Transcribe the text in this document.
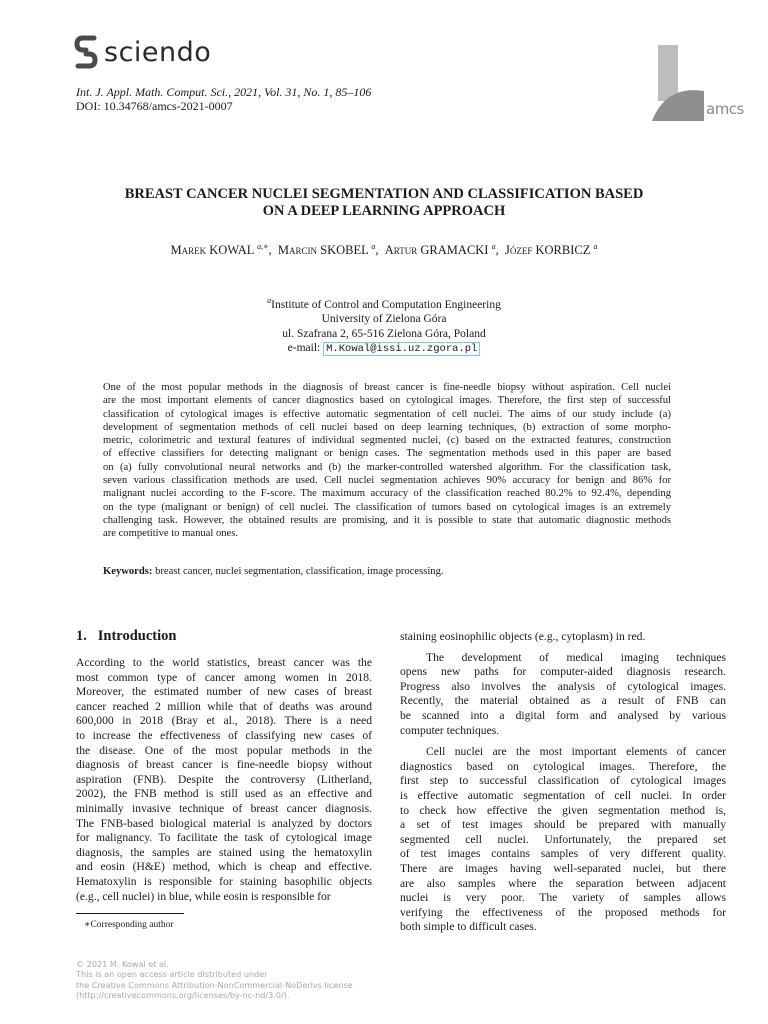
sciendo
Int. J. Appl. Math. Comput. Sci., 2021, Vol. 31, No. 1, 85–106
DOI: 10.34768/amcs-2021-0007	amcs
BREAST CANCER NUCLEI SEGMENTATION AND CLASSIFICATION BASED
ON A DEEP LEARNING APPROACH
Marek KOWAL $^{a,∗}$,  Marcin SKOBEL $^a$,  Artur GRAMACKI $^a$,  Józef KORBICZ $^a$
$^a$Institute of Control and Computation Engineering
University of Zielona Góra
ul. Szafrana 2, 65-516 Zielona Góra, Poland
e-mail: M.Kowal@issi.uz.zgora.pl
One of the most popular methods in the diagnosis of breast cancer is fine-needle biopsy without aspiration. Cell nuclei
are the most important elements of cancer diagnostics based on cytological images. Therefore, the first step of successful
classification of cytological images is effective automatic segmentation of cell nuclei. The aims of our study include (a)
development of segmentation methods of cell nuclei based on deep learning techniques, (b) extraction of some morpho-
metric, colorimetric and textural features of individual segmented nuclei, (c) based on the extracted features, construction
of effective classifiers for detecting malignant or benign cases. The segmentation methods used in this paper are based
on (a) fully convolutional neural networks and (b) the marker-controlled watershed algorithm. For the classification task,
seven various classification methods are used. Cell nuclei segmentation achieves 90% accuracy for benign and 86% for
malignant nuclei according to the F-score. The maximum accuracy of the classification reached 80.2% to 92.4%, depending
on the type (malignant or benign) of cell nuclei. The classification of tumors based on cytological images is an extremely
challenging task. However, the obtained results are promising, and it is possible to state that automatic diagnostic methods
are competitive to manual ones.
Keywords: breast cancer, nuclei segmentation, classification, image processing.
1.   Introduction
According to the world statistics, breast cancer was the
most common type of cancer among women in 2018.
Moreover, the estimated number of new cases of breast
cancer reached 2 million while that of deaths was around
600,000 in 2018 (Bray et al., 2018). There is a need
to increase the effectiveness of classifying new cases of
the disease. One of the most popular methods in the
diagnosis of breast cancer is fine-needle biopsy without
aspiration (FNB). Despite the controversy (Litherland,
2002), the FNB method is still used as an effective and
minimally invasive technique of breast cancer diagnosis.
The FNB-based biological material is analyzed by doctors
for malignancy. To facilitate the task of cytological image
diagnosis, the samples are stained using the hematoxylin
and eosin (H&E) method, which is cheap and effective.
Hematoxylin is responsible for staining basophilic objects
(e.g., cell nuclei) in blue, while eosin is responsible for
staining eosinophilic objects (e.g., cytoplasm) in red.
The development of medical imaging techniques
opens new paths for computer-aided diagnosis research.
Progress also involves the analysis of cytological images.
Recently, the material obtained as a result of FNB can
be scanned into a digital form and analysed by various
computer techniques.
Cell nuclei are the most important elements of cancer
diagnostics based on cytological images. Therefore, the
first step to successful classification of cytological images
is effective automatic segmentation of cell nuclei. In order
to check how effective the given segmentation method is,
a set of test images should be prepared with manually
segmented cell nuclei. Unfortunately, the prepared set
of test images contains samples of very different quality.
There are images having well-separated nuclei, but there
are also samples where the separation between adjacent
nuclei is very poor. The variety of samples allows
verifying the effectiveness of the proposed methods for
both simple to difficult cases.
∗Corresponding author
© 2021 M. Kowal et al.
This is an open access article distributed under
the Creative Commons Attribution-NonCommercial-NoDerivs license
(http://creativecommons.org/licenses/by-nc-nd/3.0/).
